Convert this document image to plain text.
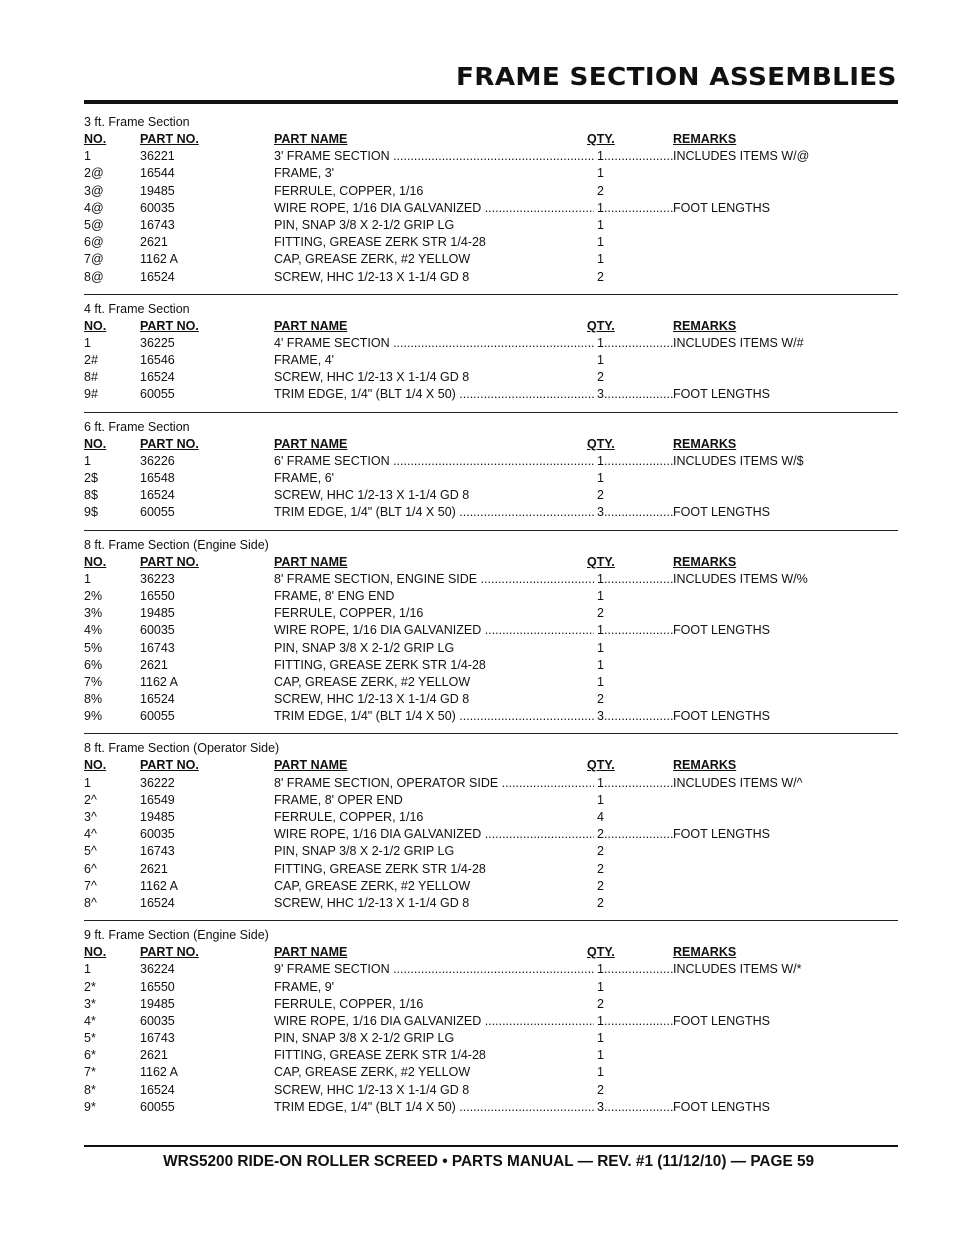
FRAME SECTION ASSEMBLIES
3 ft. Frame Section
NO.	PART NO.	PART NAME	QTY.	REMARKS
1	36221	3' FRAME SECTION .....	1 .....	INCLUDES ITEMS W/@
2@	16544	FRAME, 3'	1
3@	19485	FERRULE, COPPER, 1/16	2
4@	60035	WIRE ROPE, 1/16 DIA GALVANIZED .....	1 .....	FOOT LENGTHS
5@	16743	PIN, SNAP 3/8 X 2-1/2 GRIP LG	1
6@	2621	FITTING, GREASE ZERK STR 1/4-28	1
7@	1162 A	CAP, GREASE ZERK, #2 YELLOW	1
8@	16524	SCREW, HHC 1/2-13 X 1-1/4 GD 8	2
4 ft. Frame Section
NO.	PART NO.	PART NAME	QTY.	REMARKS
1	36225	4' FRAME SECTION .....	1 .....	INCLUDES ITEMS W/#
2#	16546	FRAME, 4'	1
8#	16524	SCREW, HHC 1/2-13 X 1-1/4 GD 8	2
9#	60055	TRIM EDGE, 1/4" (BLT 1/4 X 50) .....	3 .....	FOOT LENGTHS
6 ft. Frame Section
NO.	PART NO.	PART NAME	QTY.	REMARKS
1	36226	6' FRAME SECTION .....	1 .....	INCLUDES ITEMS W/$
2$	16548	FRAME, 6'	1
8$	16524	SCREW, HHC 1/2-13 X 1-1/4 GD 8	2
9$	60055	TRIM EDGE, 1/4" (BLT 1/4 X 50) .....	3 .....	FOOT LENGTHS
8 ft. Frame Section (Engine Side)
NO.	PART NO.	PART NAME	QTY.	REMARKS
1	36223	8' FRAME SECTION, ENGINE SIDE .....	1 .....	INCLUDES ITEMS W/%
2%	16550	FRAME, 8' ENG END	1
3%	19485	FERRULE, COPPER, 1/16	2
4%	60035	WIRE ROPE, 1/16 DIA GALVANIZED .....	1 .....	FOOT LENGTHS
5%	16743	PIN, SNAP 3/8 X 2-1/2 GRIP LG	1
6%	2621	FITTING, GREASE ZERK STR 1/4-28	1
7%	1162 A	CAP, GREASE ZERK, #2 YELLOW	1
8%	16524	SCREW, HHC 1/2-13 X 1-1/4 GD 8	2
9%	60055	TRIM EDGE, 1/4" (BLT 1/4 X 50) .....	3 .....	FOOT LENGTHS
8 ft. Frame Section (Operator Side)
NO.	PART NO.	PART NAME	QTY.	REMARKS
1	36222	8' FRAME SECTION, OPERATOR SIDE .....	1 .....	INCLUDES ITEMS W/^
2^	16549	FRAME, 8' OPER END	1
3^	19485	FERRULE, COPPER, 1/16	4
4^	60035	WIRE ROPE, 1/16 DIA GALVANIZED .....	2 .....	FOOT LENGTHS
5^	16743	PIN, SNAP 3/8 X 2-1/2 GRIP LG	2
6^	2621	FITTING, GREASE ZERK STR 1/4-28	2
7^	1162 A	CAP, GREASE ZERK, #2 YELLOW	2
8^	16524	SCREW, HHC 1/2-13 X 1-1/4 GD 8	2
9 ft. Frame Section (Engine Side)
NO.	PART NO.	PART NAME	QTY.	REMARKS
1	36224	9' FRAME SECTION .....	1 .....	INCLUDES ITEMS W/*
2*	16550	FRAME, 9'	1
3*	19485	FERRULE, COPPER, 1/16	2
4*	60035	WIRE ROPE, 1/16 DIA GALVANIZED .....	1 .....	FOOT LENGTHS
5*	16743	PIN, SNAP 3/8 X 2-1/2 GRIP LG	1
6*	2621	FITTING, GREASE ZERK STR 1/4-28	1
7*	1162 A	CAP, GREASE ZERK, #2 YELLOW	1
8*	16524	SCREW, HHC 1/2-13 X 1-1/4 GD 8	2
9*	60055	TRIM EDGE, 1/4" (BLT 1/4 X 50) .....	3 .....	FOOT LENGTHS
WRS5200 RIDE-ON ROLLER SCREED • PARTS MANUAL — REV. #1 (11/12/10) — PAGE 59
